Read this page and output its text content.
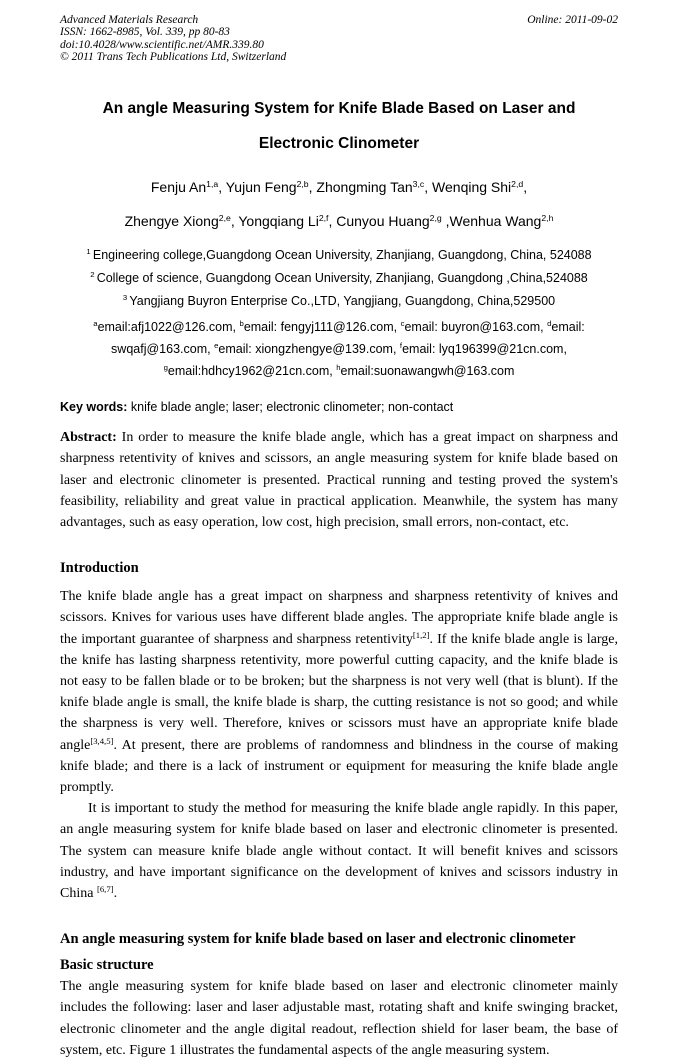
Advanced Materials Research
ISSN: 1662-8985, Vol. 339, pp 80-83
doi:10.4028/www.scientific.net/AMR.339.80
© 2011 Trans Tech Publications Ltd, Switzerland
Online: 2011-09-02
An angle Measuring System for Knife Blade Based on Laser and
Electronic Clinometer
Fenju An$^{1,a}$, Yujun Feng$^{2,b}$, Zhongming Tan$^{3,c}$, Wenqing Shi$^{2,d}$,
Zhengye Xiong$^{2,e}$, Yongqiang Li$^{2,f}$, Cunyou Huang$^{2,g}$ ,Wenhua Wang$^{2,h}$
$^1$ Engineering college,Guangdong Ocean University, Zhanjiang, Guangdong, China, 524088
$^2$ College of science, Guangdong Ocean University, Zhanjiang, Guangdong ,China,524088
$^3$ Yangjiang Buyron Enterprise Co.,LTD, Yangjiang, Guangdong, China,529500
$^a$email:afj1022@126.com, $^b$email: fengyj111@126.com, $^c$email: buyron@163.com, $^d$email:
swqafj@163.com, $^e$email: xiongzhengye@139.com, $^f$email: lyq196399@21cn.com,
$^g$email:hdhcy1962@21cn.com, $^h$email:suonawangwh@163.com
Key words: knife blade angle; laser; electronic clinometer; non-contact

Abstract: In order to measure the knife blade angle, which has a great impact on sharpness and sharpness retentivity of knives and scissors, an angle measuring system for knife blade based on laser and electronic clinometer is presented. Practical running and testing proved the system's feasibility, reliability and great value in practical application. Meanwhile, the system has many advantages, such as easy operation, low cost, high precision, small errors, non-contact, etc.

Introduction

The knife blade angle has a great impact on sharpness and sharpness retentivity of knives and scissors. Knives for various uses have different blade angles. The appropriate knife blade angle is the important guarantee of sharpness and sharpness retentivity[1,2]. If the knife blade angle is large, the knife has lasting sharpness retentivity, more powerful cutting capacity, and the knife blade is not easy to be fallen blade or to be broken; but the sharpness is not very well (that is blunt). If the knife blade angle is small, the knife blade is sharp, the cutting resistance is not so good; and while the sharpness is very well. Therefore, knives or scissors must have an appropriate knife blade angle[3,4,5]. At present, there are problems of randomness and blindness in the course of making knife blade; and there is a lack of instrument or equipment for measuring the knife blade angle promptly.

It is important to study the method for measuring the knife blade angle rapidly. In this paper, an angle measuring system for knife blade based on laser and electronic clinometer is presented. The system can measure knife blade angle without contact. It will benefit knives and scissors industry, and have important significance on the development of knives and scissors industry in China [6,7].

An angle measuring system for knife blade based on laser and electronic clinometer

Basic structure

The angle measuring system for knife blade based on laser and electronic clinometer mainly includes the following: laser and laser adjustable mast, rotating shaft and knife swinging bracket, electronic clinometer and the angle digital readout, reflection shield for laser beam, the base of system, etc. Figure 1 illustrates the fundamental aspects of the angle measuring system.
